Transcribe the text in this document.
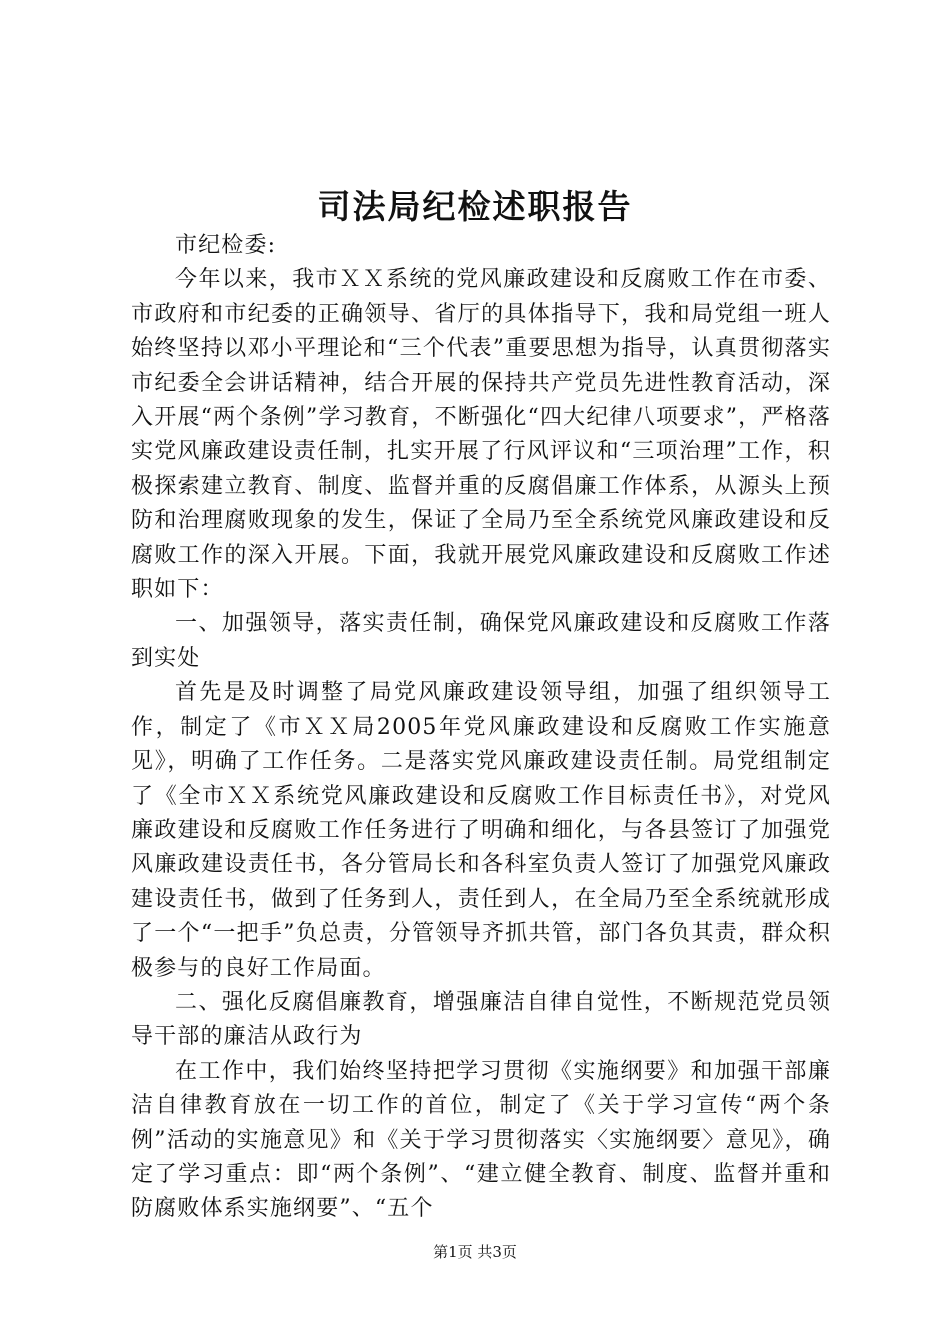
司法局纪检述职报告

市纪检委:

今年以来，我市ＸＸ系统的党风廉政建设和反腐败工作在市委、市政府和市纪委的正确领导、省厅的具体指导下，我和局党组一班人始终坚持以邓小平理论和“三个代表”重要思想为指导，认真贯彻落实市纪委全会讲话精神，结合开展的保持共产党员先进性教育活动，深入开展“两个条例”学习教育，不断强化“四大纪律八项要求”，严格落实党风廉政建设责任制，扎实开展了行风评议和“三项治理”工作，积极探索建立教育、制度、监督并重的反腐倡廉工作体系，从源头上预防和治理腐败现象的发生，保证了全局乃至全系统党风廉政建设和反腐败工作的深入开展。下面，我就开展党风廉政建设和反腐败工作述职如下：

一、加强领导，落实责任制，确保党风廉政建设和反腐败工作落到实处

首先是及时调整了局党风廉政建设领导组，加强了组织领导工作，制定了《市ＸＸ局2005年党风廉政建设和反腐败工作实施意见》，明确了工作任务。二是落实党风廉政建设责任制。局党组制定了《全市ＸＸ系统党风廉政建设和反腐败工作目标责任书》，对党风廉政建设和反腐败工作任务进行了明确和细化，与各县签订了加强党风廉政建设责任书，各分管局长和各科室负责人签订了加强党风廉政建设责任书，做到了任务到人，责任到人，在全局乃至全系统就形成了一个“一把手”负总责，分管领导齐抓共管，部门各负其责，群众积极参与的良好工作局面。

二、强化反腐倡廉教育，增强廉洁自律自觉性，不断规范党员领导干部的廉洁从政行为

在工作中，我们始终坚持把学习贯彻《实施纲要》和加强干部廉洁自律教育放在一切工作的首位，制定了《关于学习宣传“两个条例”活动的实施意见》和《关于学习贯彻落实〈实施纲要〉意见》，确定了学习重点：即“两个条例”、“建立健全教育、制度、监督并重和防腐败体系实施纲要”、“五个

第1页 共3页
